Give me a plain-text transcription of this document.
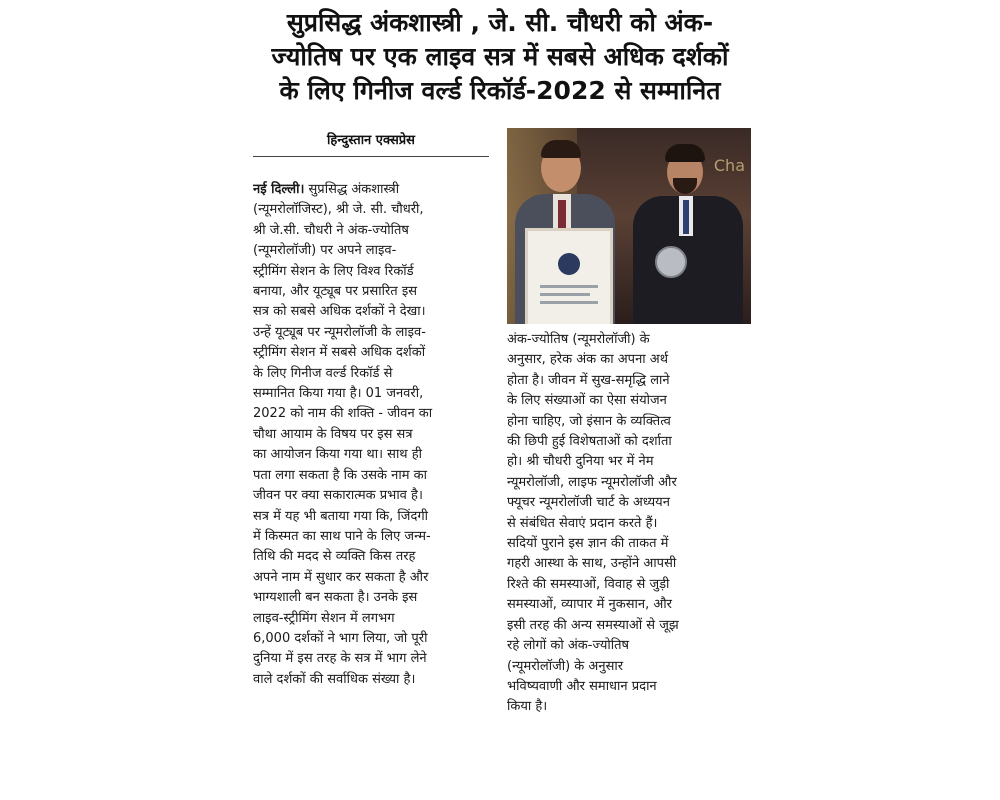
सुप्रसिद्ध अंकशास्त्री , जे. सी. चौधरी को अंक-
ज्योतिष पर एक लाइव सत्र में सबसे अधिक दर्शकों
के लिए गिनीज वर्ल्ड रिकॉर्ड-2022 से सम्मानित
हिन्दुस्तान एक्सप्रेस
नई दिल्ली। सुप्रसिद्ध अंकशास्त्री
(न्यूमरोलॉजिस्ट), श्री जे. सी. चौधरी,
श्री जे.सी. चौधरी ने अंक-ज्योतिष
(न्यूमरोलॉजी) पर अपने लाइव-
स्ट्रीमिंग सेशन के लिए विश्व रिकॉर्ड
बनाया, और यूट्यूब पर प्रसारित इस
सत्र को सबसे अधिक दर्शकों ने देखा।
उन्हें यूट्यूब पर न्यूमरोलॉजी के लाइव-
स्ट्रीमिंग सेशन में सबसे अधिक दर्शकों
के लिए गिनीज वर्ल्ड रिकॉर्ड से
सम्मानित किया गया है। 01 जनवरी,
2022 को नाम की शक्ति - जीवन का
चौथा आयाम के विषय पर इस सत्र
का आयोजन किया गया था। साथ ही
पता लगा सकता है कि उसके नाम का
जीवन पर क्या सकारात्मक प्रभाव है।
सत्र में यह भी बताया गया कि, जिंदगी
में किस्मत का साथ पाने के लिए जन्म-
तिथि की मदद से व्यक्ति किस तरह
अपने नाम में सुधार कर सकता है और
भाग्यशाली बन सकता है। उनके इस
लाइव-स्ट्रीमिंग सेशन में लगभग
6,000 दर्शकों ने भाग लिया, जो पूरी
दुनिया में इस तरह के सत्र में भाग लेने
वाले दर्शकों की सर्वाधिक संख्या है।
Cha
अंक-ज्योतिष (न्यूमरोलॉजी) के
अनुसार, हरेक अंक का अपना अर्थ
होता है। जीवन में सुख-समृद्धि लाने
के लिए संख्याओं का ऐसा संयोजन
होना चाहिए, जो इंसान के व्यक्तित्व
की छिपी हुई विशेषताओं को दर्शाता
हो। श्री चौधरी दुनिया भर में नेम
न्यूमरोलॉजी, लाइफ न्यूमरोलॉजी और
फ्यूचर न्यूमरोलॉजी चार्ट के अध्ययन
से संबंधित सेवाएं प्रदान करते हैं।
सदियों पुराने इस ज्ञान की ताकत में
गहरी आस्था के साथ, उन्होंने आपसी
रिश्ते की समस्याओं, विवाह से जुड़ी
समस्याओं, व्यापार में नुकसान, और
इसी तरह की अन्य समस्याओं से जूझ
रहे लोगों को अंक-ज्योतिष
(न्यूमरोलॉजी) के अनुसार
भविष्यवाणी और समाधान प्रदान
किया है।
